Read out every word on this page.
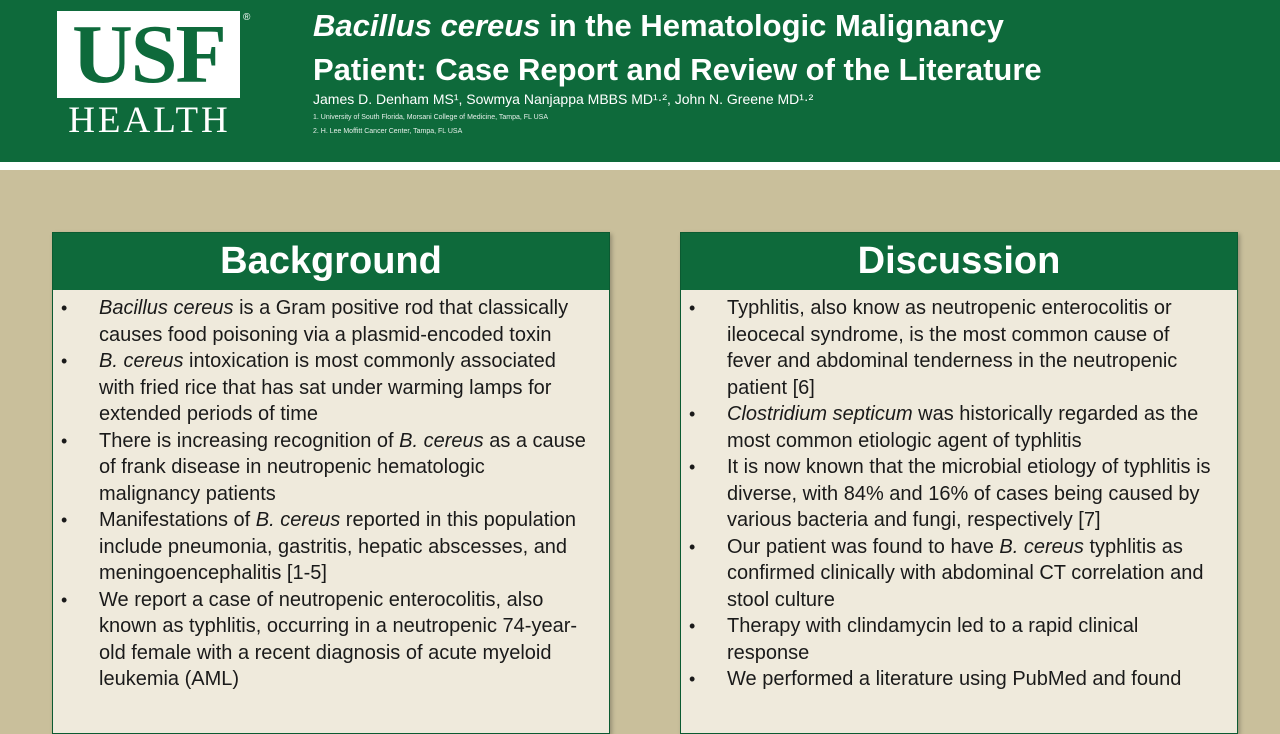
USF ®
HEALTH
Bacillus cereus in the Hematologic Malignancy
Patient: Case Report and Review of the Literature
James D. Denham MS¹, Sowmya Nanjappa MBBS MD¹·², John N. Greene MD¹·²
1. University of South Florida, Morsani College of Medicine, Tampa, FL USA
2. H. Lee Moffitt Cancer Center, Tampa, FL USA
Background
• Bacillus cereus is a Gram positive rod that classically causes food poisoning via a plasmid-encoded toxin
• B. cereus intoxication is most commonly associated with fried rice that has sat under warming lamps for extended periods of time
• There is increasing recognition of B. cereus as a cause of frank disease in neutropenic hematologic malignancy patients
• Manifestations of B. cereus reported in this population include pneumonia, gastritis, hepatic abscesses, and meningoencephalitis [1-5]
• We report a case of neutropenic enterocolitis, also known as typhlitis, occurring in a neutropenic 74-year-old female with a recent diagnosis of acute myeloid leukemia (AML)
Discussion
• Typhlitis, also know as neutropenic enterocolitis or ileocecal syndrome, is the most common cause of fever and abdominal tenderness in the neutropenic patient [6]
• Clostridium septicum was historically regarded as the most common etiologic agent of typhlitis
• It is now known that the microbial etiology of typhlitis is diverse, with 84% and 16% of cases being caused by various bacteria and fungi, respectively [7]
• Our patient was found to have B. cereus typhlitis as confirmed clinically with abdominal CT correlation and stool culture
• Therapy with clindamycin led to a rapid clinical response
• We performed a literature using PubMed and found
